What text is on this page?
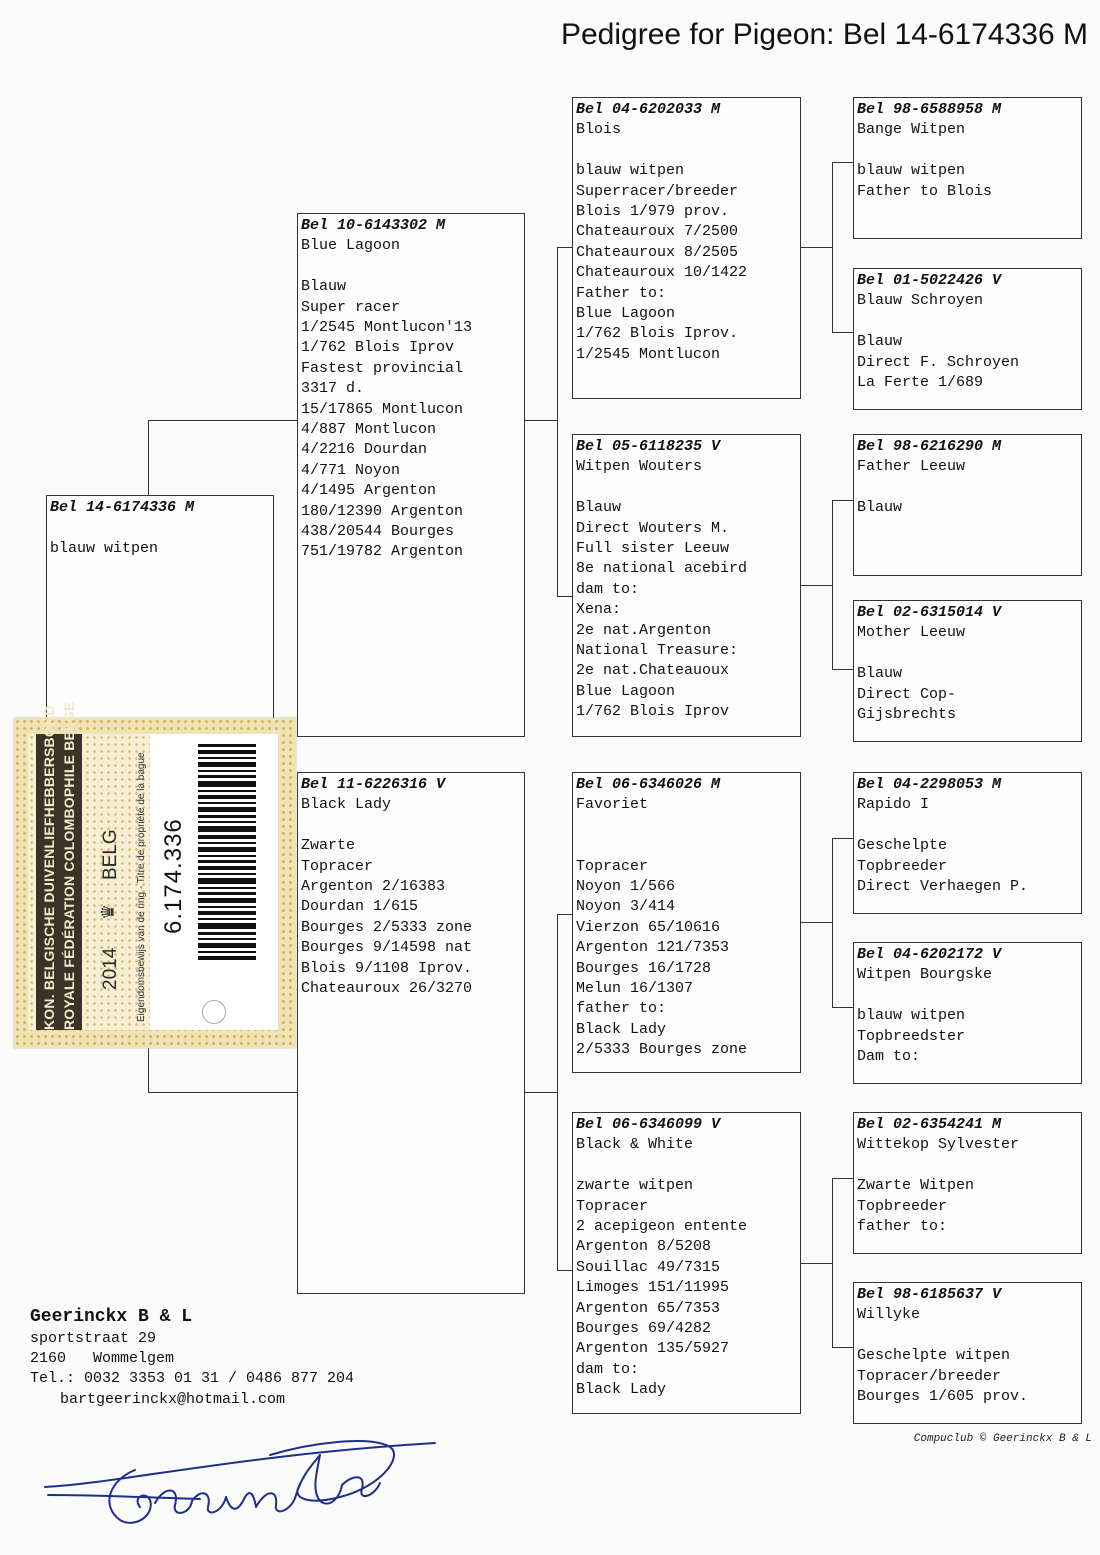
Pedigree for Pigeon: Bel 14-6174336 M
Bel 14-6174336 M
blauw witpen
Bel 10-6143302 M
Blue Lagoon
Blauw
Super racer
1/2545 Montlucon'13
1/762 Blois Iprov
Fastest provincial
3317 d.
15/17865 Montlucon
4/887 Montlucon
4/2216 Dourdan
4/771 Noyon
4/1495 Argenton
180/12390 Argenton
438/20544 Bourges
751/19782 Argenton
Bel 11-6226316 V
Black Lady
Zwarte
Topracer
Argenton 2/16383
Dourdan 1/615
Bourges 2/5333 zone
Bourges 9/14598 nat
Blois 9/1108 Iprov.
Chateauroux 26/3270
Bel 04-6202033 M
Blois
blauw witpen
Superracer/breeder
Blois 1/979 prov.
Chateauroux 7/2500
Chateauroux 8/2505
Chateauroux 10/1422
Father to:
Blue Lagoon
1/762 Blois Iprov.
1/2545 Montlucon
Bel 05-6118235 V
Witpen Wouters
Blauw
Direct Wouters M.
Full sister Leeuw
8e national acebird
dam to:
Xena:
2e nat.Argenton
National Treasure:
2e nat.Chateauoux
Blue Lagoon
1/762 Blois Iprov
Bel 06-6346026 M
Favoriet
Topracer
Noyon 1/566
Noyon 3/414
Vierzon 65/10616
Argenton 121/7353
Bourges 16/1728
Melun 16/1307
father to:
Black Lady
2/5333 Bourges zone
Bel 06-6346099 V
Black & White
zwarte witpen
Topracer
2 acepigeon entente
Argenton 8/5208
Souillac 49/7315
Limoges 151/11995
Argenton 65/7353
Bourges 69/4282
Argenton 135/5927
dam to:
Black Lady
Bel 98-6588958 M
Bange Witpen
blauw witpen
Father to Blois
Bel 01-5022426 V
Blauw Schroyen
Blauw
Direct F. Schroyen
La Ferte 1/689
Bel 98-6216290 M
Father Leeuw
Blauw
Bel 02-6315014 V
Mother Leeuw
Blauw
Direct Cop-
Gijsbrechts
Bel 04-2298053 M
Rapido I
Geschelpte
Topbreeder
Direct Verhaegen P.
Bel 04-6202172 V
Witpen Bourgske
blauw witpen
Topbreedster
Dam to:
Bel 02-6354241 M
Wittekop Sylvester
Zwarte Witpen
Topbreeder
father to:
Bel 98-6185637 V
Willyke
Geschelpte witpen
Topracer/breeder
Bourges 1/605 prov.
KON. BELGISCHE DUIVENLIEFHEBBERSBOND ROYALE FÉDÉRATION COLOMBOPHILE BELGE 2014
♛
BELG Eigendomsbewijs van de ring - Titre de propriété de la bague 6.174.336
Geerinckx B & L
sportstraat 29
2160   Wommelgem
Tel.: 0032 3353 01 31 / 0486 877 204
bartgeerinckx@hotmail.com
Compuclub © Geerinckx B & L
